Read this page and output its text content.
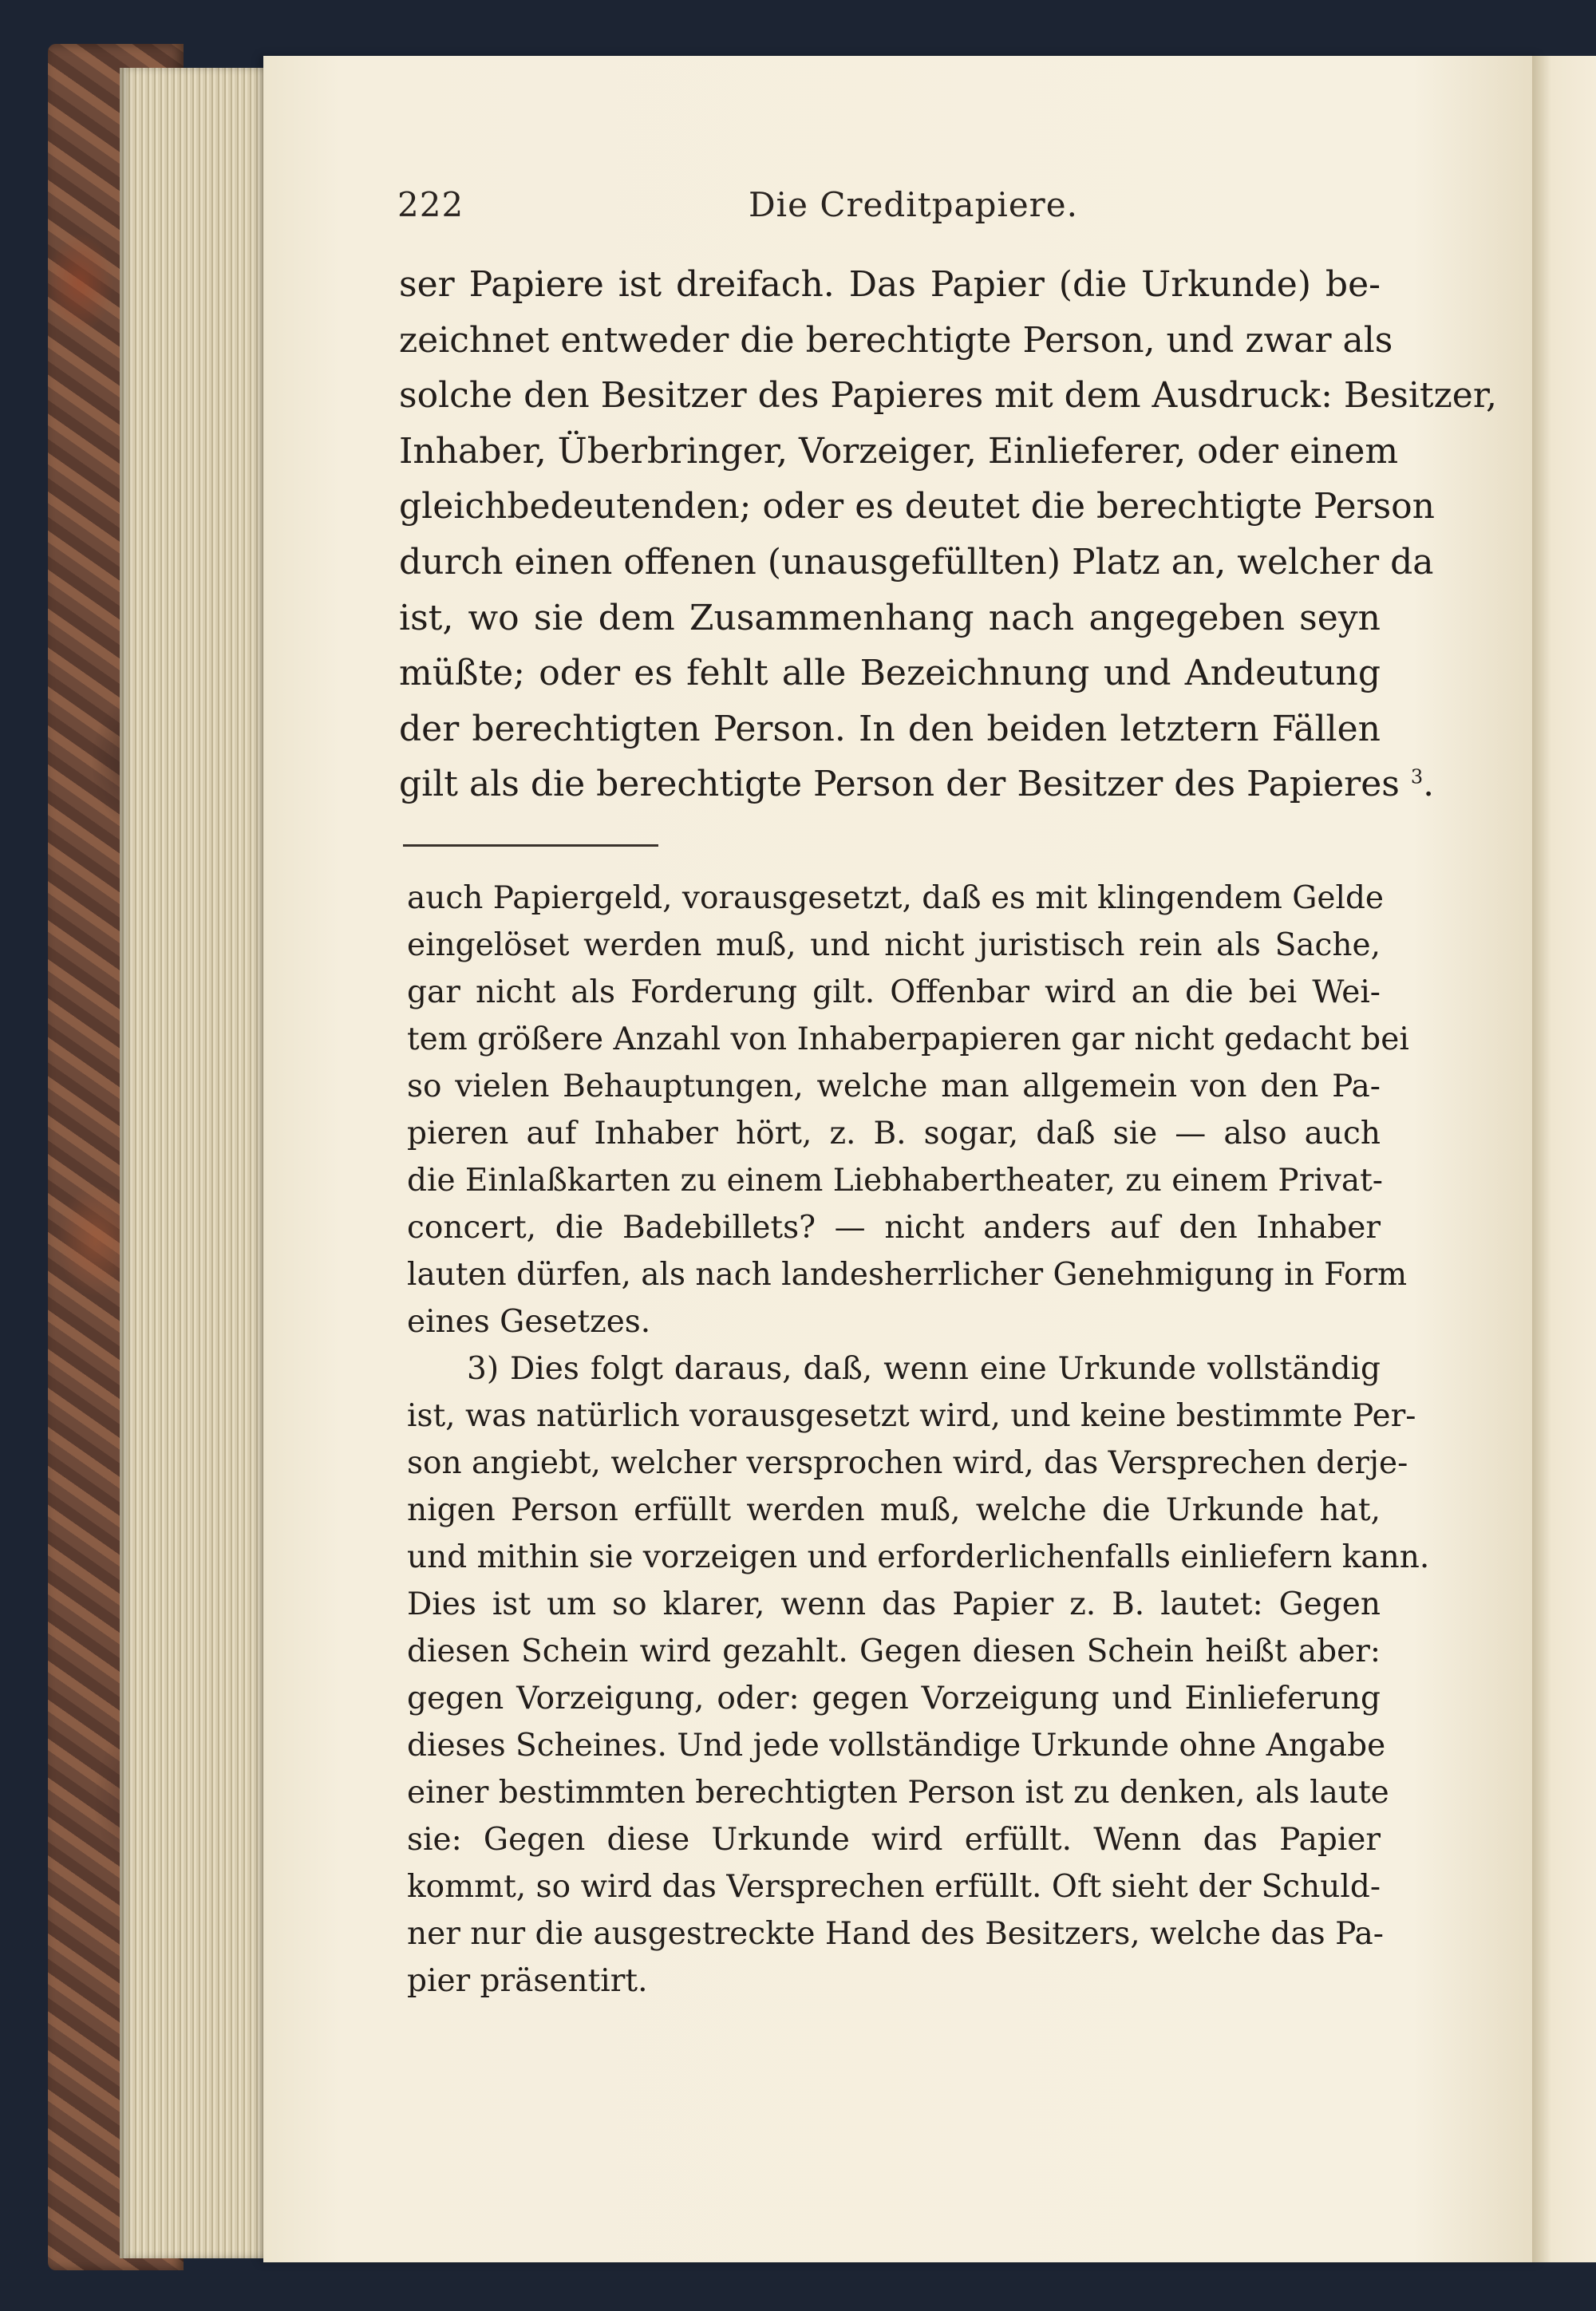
222	Die Creditpapiere.
ser Papiere ist dreifach. Das Papier (die Urkunde) be-
zeichnet entweder die berechtigte Person, und zwar als
solche den Besitzer des Papieres mit dem Ausdruck: Besitzer,
Inhaber, Überbringer, Vorzeiger, Einlieferer, oder einem
gleichbedeutenden; oder es deutet die berechtigte Person
durch einen offenen (unausgefüllten) Platz an, welcher da
ist, wo sie dem Zusammenhang nach angegeben seyn
müßte; oder es fehlt alle Bezeichnung und Andeutung
der berechtigten Person. In den beiden letztern Fällen
gilt als die berechtigte Person der Besitzer des Papieres $^3$.
auch Papiergeld, vorausgesetzt, daß es mit klingendem Gelde
eingelöset werden muß, und nicht juristisch rein als Sache,
gar nicht als Forderung gilt. Offenbar wird an die bei Wei-
tem größere Anzahl von Inhaberpapieren gar nicht gedacht bei
so vielen Behauptungen, welche man allgemein von den Pa-
pieren auf Inhaber hört, z. B. sogar, daß sie — also auch
die Einlaßkarten zu einem Liebhabertheater, zu einem Privat-
concert, die Badebillets? — nicht anders auf den Inhaber
lauten dürfen, als nach landesherrlicher Genehmigung in Form
eines Gesetzes.
3) Dies folgt daraus, daß, wenn eine Urkunde vollständig
ist, was natürlich vorausgesetzt wird, und keine bestimmte Per-
son angiebt, welcher versprochen wird, das Versprechen derje-
nigen Person erfüllt werden muß, welche die Urkunde hat,
und mithin sie vorzeigen und erforderlichenfalls einliefern kann.
Dies ist um so klarer, wenn das Papier z. B. lautet: Gegen
diesen Schein wird gezahlt. Gegen diesen Schein heißt aber:
gegen Vorzeigung, oder: gegen Vorzeigung und Einlieferung
dieses Scheines. Und jede vollständige Urkunde ohne Angabe
einer bestimmten berechtigten Person ist zu denken, als laute
sie: Gegen diese Urkunde wird erfüllt. Wenn das Papier
kommt, so wird das Versprechen erfüllt. Oft sieht der Schuld-
ner nur die ausgestreckte Hand des Besitzers, welche das Pa-
pier präsentirt.
